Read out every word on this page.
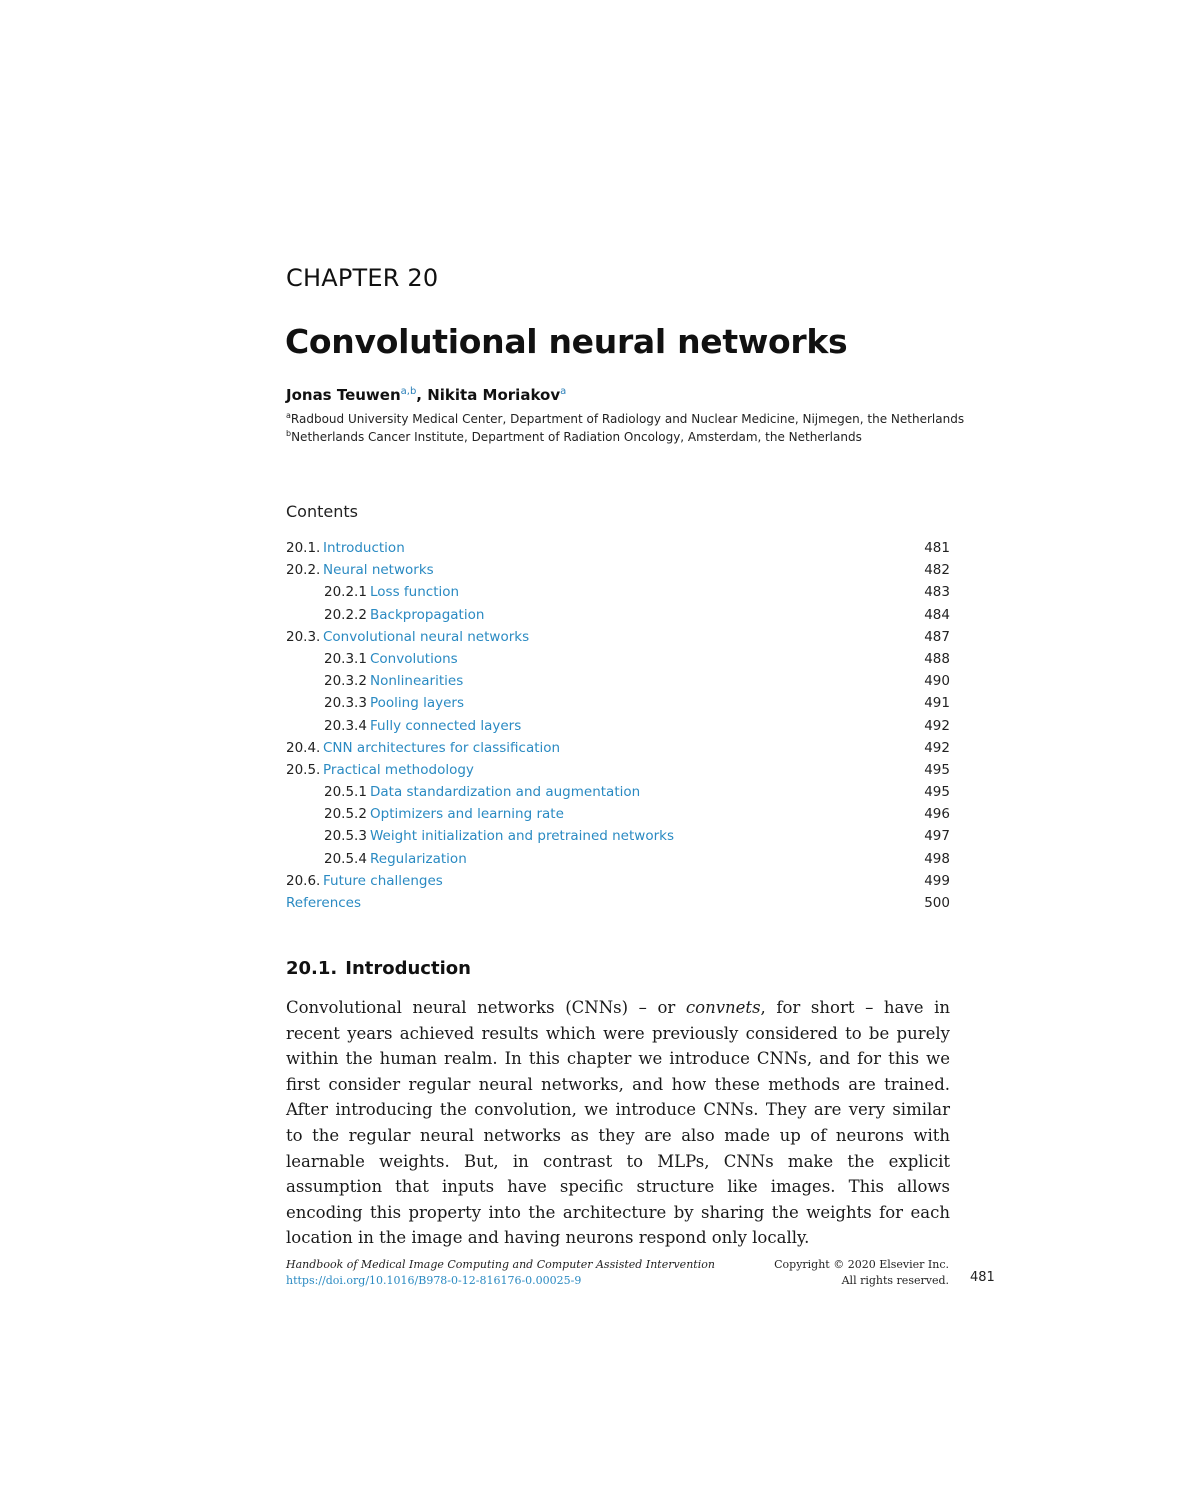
CHAPTER 20
Convolutional neural networks
Jonas Teuwen$^{a,b}$, Nikita Moriakov$^a$
$^a$Radboud University Medical Center, Department of Radiology and Nuclear Medicine, Nijmegen, the Netherlands
$^b$Netherlands Cancer Institute, Department of Radiation Oncology, Amsterdam, the Netherlands
Contents
20.1. Introduction	481
20.2. Neural networks	482
20.2.1 Loss function	483
20.2.2 Backpropagation	484
20.3. Convolutional neural networks	487
20.3.1 Convolutions	488
20.3.2 Nonlinearities	490
20.3.3 Pooling layers	491
20.3.4 Fully connected layers	492
20.4. CNN architectures for classification	492
20.5. Practical methodology	495
20.5.1 Data standardization and augmentation	495
20.5.2 Optimizers and learning rate	496
20.5.3 Weight initialization and pretrained networks	497
20.5.4 Regularization	498
20.6. Future challenges	499
References	500
20.1. Introduction

Convolutional neural networks (CNNs) – or convnets, for short – have in recent years achieved results which were previously considered to be purely within the human realm. In this chapter we introduce CNNs, and for this we first consider regular neural networks, and how these methods are trained. After introducing the convolution, we introduce CNNs. They are very similar to the regular neural networks as they are also made up of neurons with learnable weights. But, in contrast to MLPs, CNNs make the explicit assumption that inputs have specific structure like images. This allows encoding this property into the architecture by sharing the weights for each location in the image and having neurons respond only locally.

Handbook of Medical Image Computing and Computer Assisted Intervention
https://doi.org/10.1016/B978-0-12-816176-0.00025-9
Copyright © 2020 Elsevier Inc.
All rights reserved. 481
